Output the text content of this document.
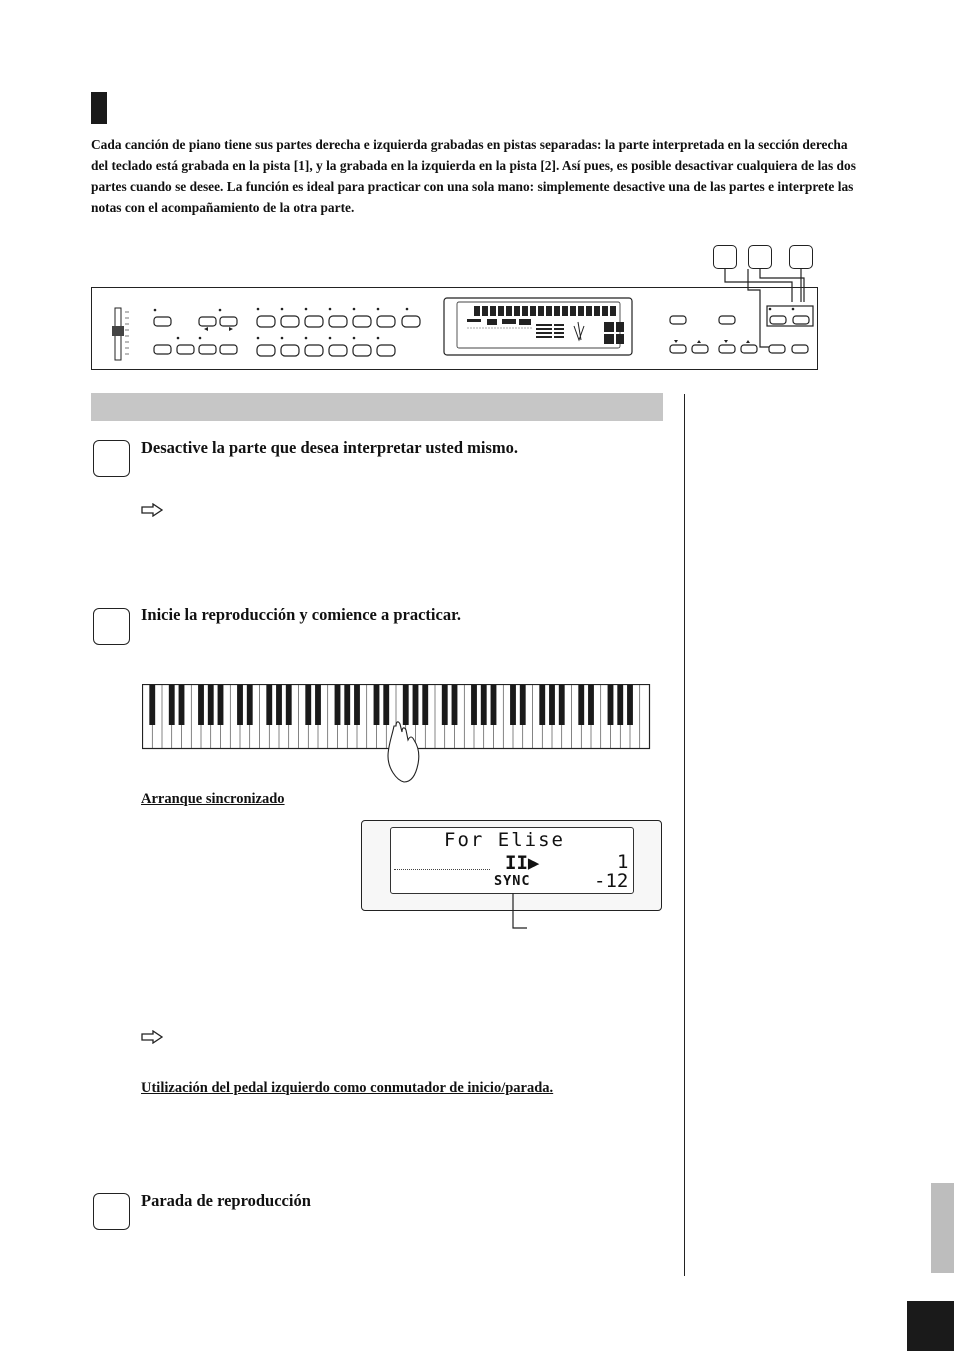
Cada canción de piano tiene sus partes derecha e izquierda grabadas en pistas separadas: la parte interpretada en la sección derecha del teclado está grabada en la pista [1], y la grabada en la izquierda en la pista [2]. Así pues, es posible desactivar cualquiera de las dos partes cuando se desee. La función es ideal para practicar con una sola mano: simplemente desactive una de las partes e interprete las notas con el acompañamiento de la otra parte.
Desactive la parte que desea interpretar usted mismo.
Inicie la reproducción y comience a practicar.
Arranque sincronizado
For Elise
II▶	1
-12
SYNC
Utilización del pedal izquierdo como conmutador de inicio/parada.
Parada de reproducción
